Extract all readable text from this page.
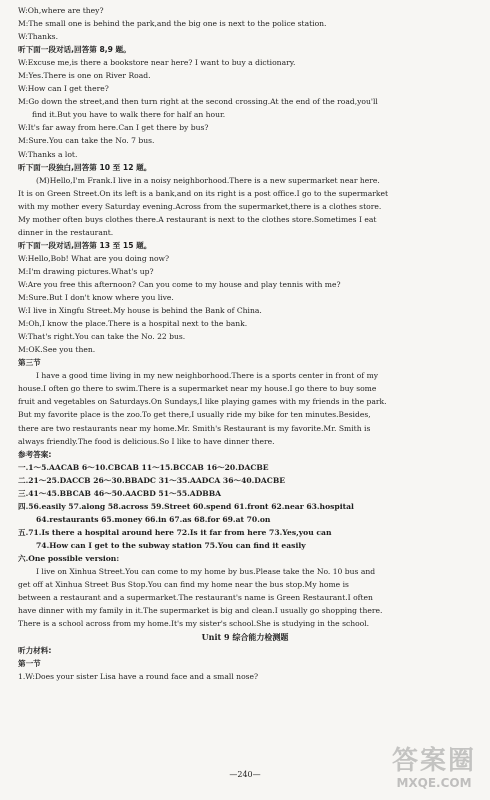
W:Oh,where are they?
M:The small one is behind the park,and the big one is next to the police station.
W:Thanks.
听下面一段对话,回答第 8,9 题。
W:Excuse me,is there a bookstore near here? I want to buy a dictionary.
M:Yes.There is one on River Road.
W:How can I get there?
M:Go down the street,and then turn right at the second crossing.At the end of the road,you'll
find it.But you have to walk there for half an hour.
W:It's far away from here.Can I get there by bus?
M:Sure.You can take the No. 7 bus.
W:Thanks a lot.
听下面一段独白,回答第 10 至 12 题。
(M)Hello,I'm Frank.I live in a noisy neighborhood.There is a new supermarket near here.
It is on Green Street.On its left is a bank,and on its right is a post office.I go to the supermarket
with my mother every Saturday evening.Across from the supermarket,there is a clothes store.
My mother often buys clothes there.A restaurant is next to the clothes store.Sometimes I eat
dinner in the restaurant.
听下面一段对话,回答第 13 至 15 题。
W:Hello,Bob! What are you doing now?
M:I'm drawing pictures.What's up?
W:Are you free this afternoon? Can you come to my house and play tennis with me?
M:Sure.But I don't know where you live.
W:I live in Xingfu Street.My house is behind the Bank of China.
M:Oh,I know the place.There is a hospital next to the bank.
W:That's right.You can take the No. 22 bus.
M:OK.See you then.
第三节
I have a good time living in my new neighborhood.There is a sports center in front of my
house.I often go there to swim.There is a supermarket near my house.I go there to buy some
fruit and vegetables on Saturdays.On Sundays,I like playing games with my friends in the park.
But my favorite place is the zoo.To get there,I usually ride my bike for ten minutes.Besides,
there are two restaurants near my home.Mr. Smith's Restaurant is my favorite.Mr. Smith is
always friendly.The food is delicious.So I like to have dinner there.
参考答案:
一.1～5.AACAB 6～10.CBCAB 11～15.BCCAB 16～20.DACBE
二.21～25.DACCB 26～30.BBADC 31～35.AADCA 36～40.DACBE
三.41～45.BBCAB 46～50.AACBD 51～55.ADBBA
四.56.easily 57.along 58.across 59.Street 60.spend 61.front 62.near 63.hospital
64.restaurants 65.money 66.in 67.as 68.for 69.at 70.on
五.71.Is there a hospital around here 72.Is it far from here 73.Yes,you can
74.How can I get to the subway station 75.You can find it easily
六.One possible version:
I live on Xinhua Street.You can come to my home by bus.Please take the No. 10 bus and
get off at Xinhua Street Bus Stop.You can find my home near the bus stop.My home is
between a restaurant and a supermarket.The restaurant's name is Green Restaurant.I often
have dinner with my family in it.The supermarket is big and clean.I usually go shopping there.
There is a school across from my home.It's my sister's school.She is studying in the school.
Unit 9 综合能力检测题
听力材料:
第一节
1.W:Does your sister Lisa have a round face and a small nose?
—240—	答案圈
MXQE.COM
